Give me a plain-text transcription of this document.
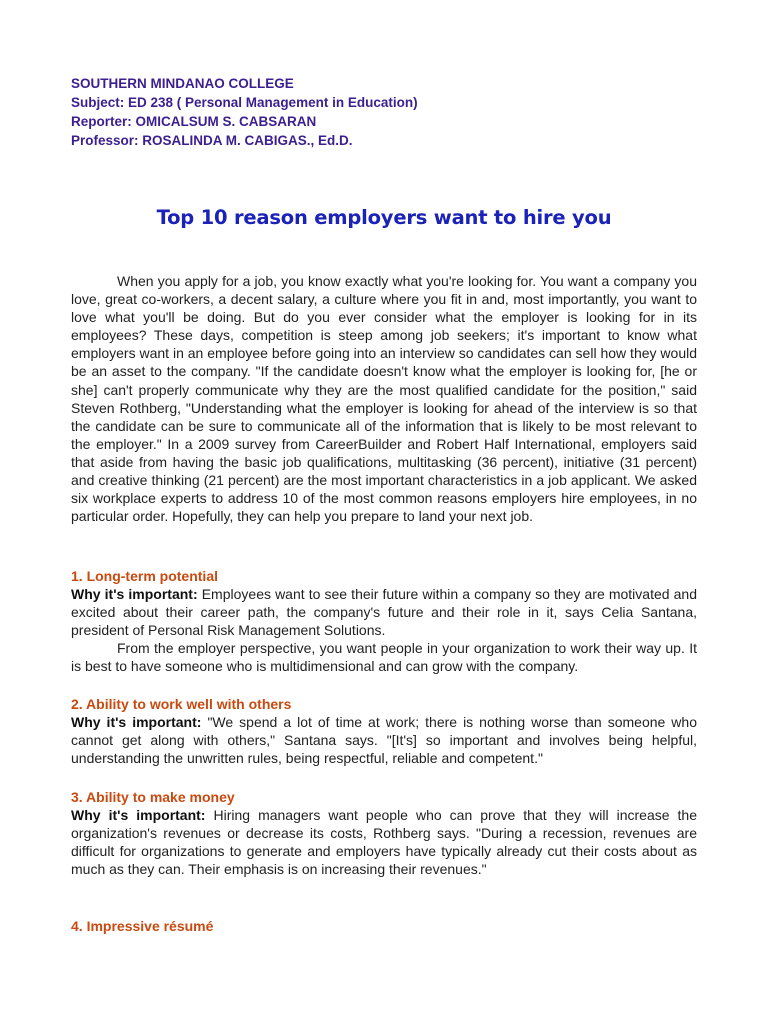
SOUTHERN MINDANAO COLLEGE
Subject: ED 238 ( Personal Management in Education)
Reporter: OMICALSUM S. CABSARAN
Professor: ROSALINDA M. CABIGAS., Ed.D.
Top 10 reason employers want to hire you
When you apply for a job, you know exactly what you're looking for. You want a company you love, great co-workers, a decent salary, a culture where you fit in and, most importantly, you want to love what you'll be doing. But do you ever consider what the employer is looking for in its employees? These days, competition is steep among job seekers; it's important to know what employers want in an employee before going into an interview so candidates can sell how they would be an asset to the company. "If the candidate doesn't know what the employer is looking for, [he or she] can't properly communicate why they are the most qualified candidate for the position," said Steven Rothberg, "Understanding what the employer is looking for ahead of the interview is so that the candidate can be sure to communicate all of the information that is likely to be most relevant to the employer." In a 2009 survey from CareerBuilder and Robert Half International, employers said that aside from having the basic job qualifications, multitasking (36 percent), initiative (31 percent) and creative thinking (21 percent) are the most important characteristics in a job applicant. We asked six workplace experts to address 10 of the most common reasons employers hire employees, in no particular order. Hopefully, they can help you prepare to land your next job.
1. Long-term potential
Why it's important: Employees want to see their future within a company so they are motivated and excited about their career path, the company's future and their role in it, says Celia Santana, president of Personal Risk Management Solutions.
From the employer perspective, you want people in your organization to work their way up. It is best to have someone who is multidimensional and can grow with the company.
2. Ability to work well with others
Why it's important: "We spend a lot of time at work; there is nothing worse than someone who cannot get along with others," Santana says. "[It's] so important and involves being helpful, understanding the unwritten rules, being respectful, reliable and competent."
3. Ability to make money
Why it's important: Hiring managers want people who can prove that they will increase the organization's revenues or decrease its costs, Rothberg says. "During a recession, revenues are difficult for organizations to generate and employers have typically already cut their costs about as much as they can. Their emphasis is on increasing their revenues."
4. Impressive résumé
